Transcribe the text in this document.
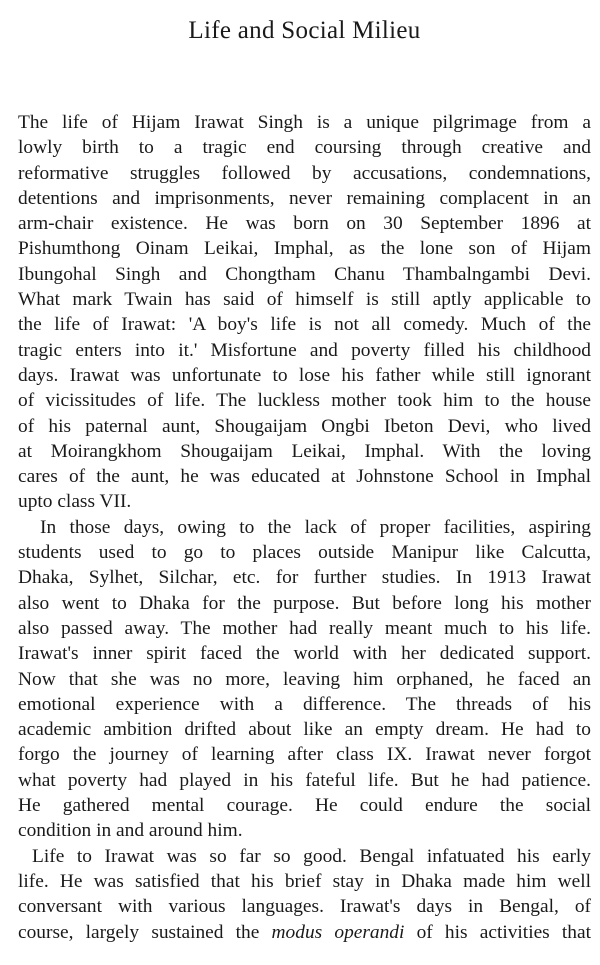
Life and Social Milieu

The life of Hijam Irawat Singh is a unique pilgrimage from a
lowly birth to a tragic end coursing through creative and
reformative struggles followed by accusations, condemnations,
detentions and imprisonments, never remaining complacent in an
arm-chair existence. He was born on 30 September 1896 at
Pishumthong Oinam Leikai, Imphal, as the lone son of Hijam
Ibungohal Singh and Chongtham Chanu Thambalngambi Devi.
What mark Twain has said of himself is still aptly applicable to
the life of Irawat: 'A boy's life is not all comedy. Much of the
tragic enters into it.' Misfortune and poverty filled his childhood
days. Irawat was unfortunate to lose his father while still ignorant
of vicissitudes of life. The luckless mother took him to the house
of his paternal aunt, Shougaijam Ongbi Ibeton Devi, who lived
at Moirangkhom Shougaijam Leikai, Imphal. With the loving
cares of the aunt, he was educated at Johnstone School in Imphal
upto class VII.

In those days, owing to the lack of proper facilities, aspiring
students used to go to places outside Manipur like Calcutta,
Dhaka, Sylhet, Silchar, etc. for further studies. In 1913 Irawat
also went to Dhaka for the purpose. But before long his mother
also passed away. The mother had really meant much to his life.
Irawat's inner spirit faced the world with her dedicated support.
Now that she was no more, leaving him orphaned, he faced an
emotional experience with a difference. The threads of his
academic ambition drifted about like an empty dream. He had to
forgo the journey of learning after class IX. Irawat never forgot
what poverty had played in his fateful life. But he had patience.
He gathered mental courage. He could endure the social
condition in and around him.

Life to Irawat was so far so good. Bengal infatuated his early
life. He was satisfied that his brief stay in Dhaka made him well
conversant with various languages. Irawat's days in Bengal, of
course, largely sustained the modus operandi of his activities that
